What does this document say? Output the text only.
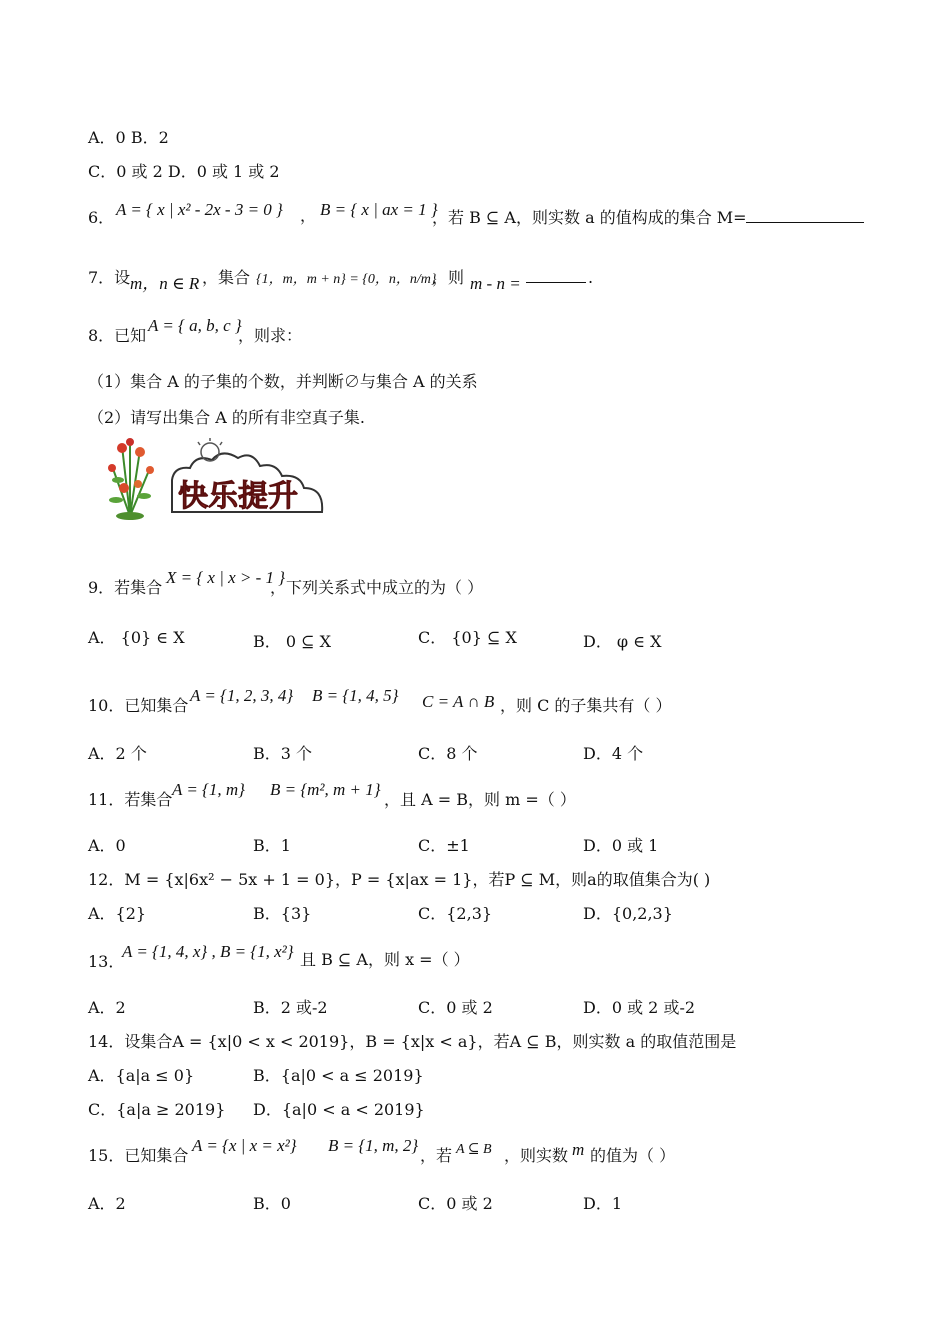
A．0 B．2
C．0 或 2 D．0 或 1 或 2
6． A = { x | x² - 2x - 3 = 0 } ， B = { x | ax = 1 }
，若 B ⊆ A，则实数 a 的值构成的集合 M=
7．设 m，n ∈ R ，集合 {1，m，m + n} = {0，n，n/m}
，则 m - n =	.
8．已知
A = { a, b, c }
，则求：
（1）集合 A 的子集的个数，并判断∅与集合 A 的关系
（2）请写出集合 A 的所有非空真子集.
快乐提升
9．若集合
X = { x | x > - 1 }
，下列关系式中成立的为（ ）
A． {0} ∈ X	B． 0 ⊆ X	C． {0} ⊆ X	D． φ ∈ X
10．已知集合
A = {1, 2, 3, 4} B = {1, 4, 5} C = A ∩ B ，则 C 的子集共有（ ）
A．2 个	B．3 个	C．8 个	D．4 个
11．若集合
A = {1, m} B = {m², m + 1}
，且 A = B，则 m =（ ）
A．0	B．1	C．±1	D．0 或 1
12．M = {x|6x² − 5x + 1 = 0}，P = {x|ax = 1}，若P ⊆ M，则a的取值集合为( )
A．{2}	B．{3}	C．{2,3}	D．{0,2,3}
13．
A = {1, 4, x} , B = {1, x²} 且 B ⊆ A，则 x =（ ）
A．2	B．2 或-2	C．0 或 2	D．0 或 2 或-2
14．设集合A = {x|0 < x < 2019}，B = {x|x < a}，若A ⊆ B，则实数 a 的取值范围是
A．{a|a ≤ 0}	B．{a|0 < a ≤ 2019}
C．{a|a ≥ 2019} D．{a|0 < a < 2019}
15．已知集合
A = {x | x = x²} B = {1, m, 2}
，若 A ⊆ B ，则实数 m 的值为（ ）
A．2	B．0	C．0 或 2	D．1
